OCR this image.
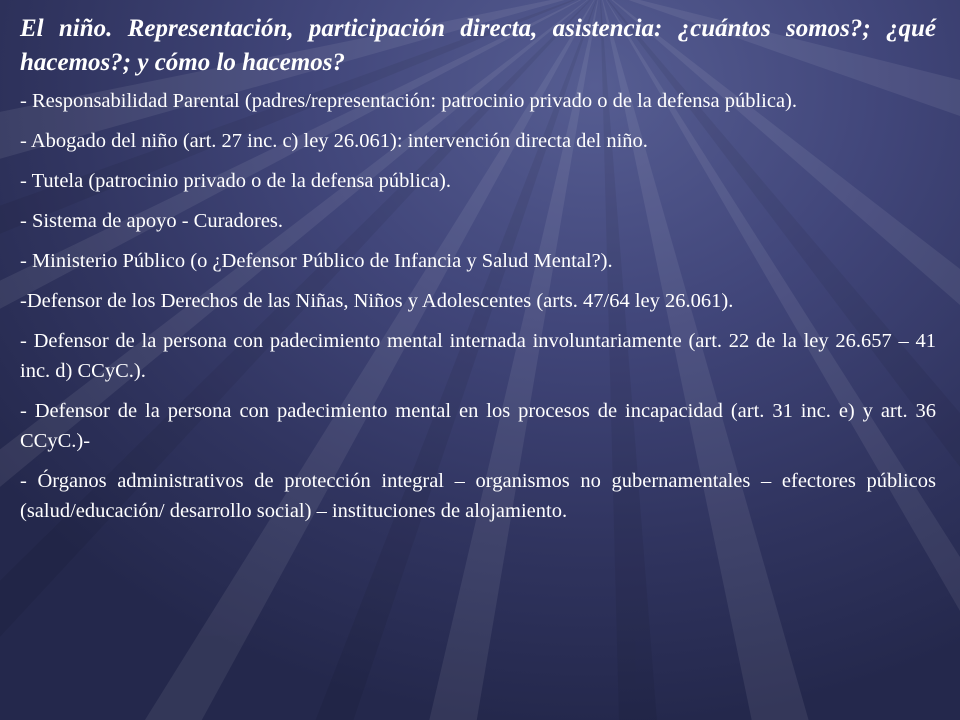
El niño. Representación, participación directa, asistencia: ¿cuántos somos?; ¿qué hacemos?; y cómo lo hacemos?
- Responsabilidad Parental (padres/representación: patrocinio privado o de la defensa pública).
- Abogado del niño (art. 27 inc. c) ley 26.061): intervención directa del niño.
- Tutela (patrocinio privado o de la defensa pública).
- Sistema de apoyo - Curadores.
- Ministerio Público (o ¿Defensor Público de Infancia y Salud Mental?).
-Defensor de los Derechos de las Niñas, Niños y Adolescentes (arts. 47/64 ley 26.061).
- Defensor de la persona con padecimiento mental internada involuntariamente (art. 22 de la ley 26.657 – 41 inc. d) CCyC.).
- Defensor de la persona con padecimiento mental en los procesos de incapacidad (art. 31 inc. e) y art. 36 CCyC.)-
- Órganos administrativos de protección integral – organismos no gubernamentales – efectores públicos (salud/educación/ desarrollo social) – instituciones de alojamiento.
